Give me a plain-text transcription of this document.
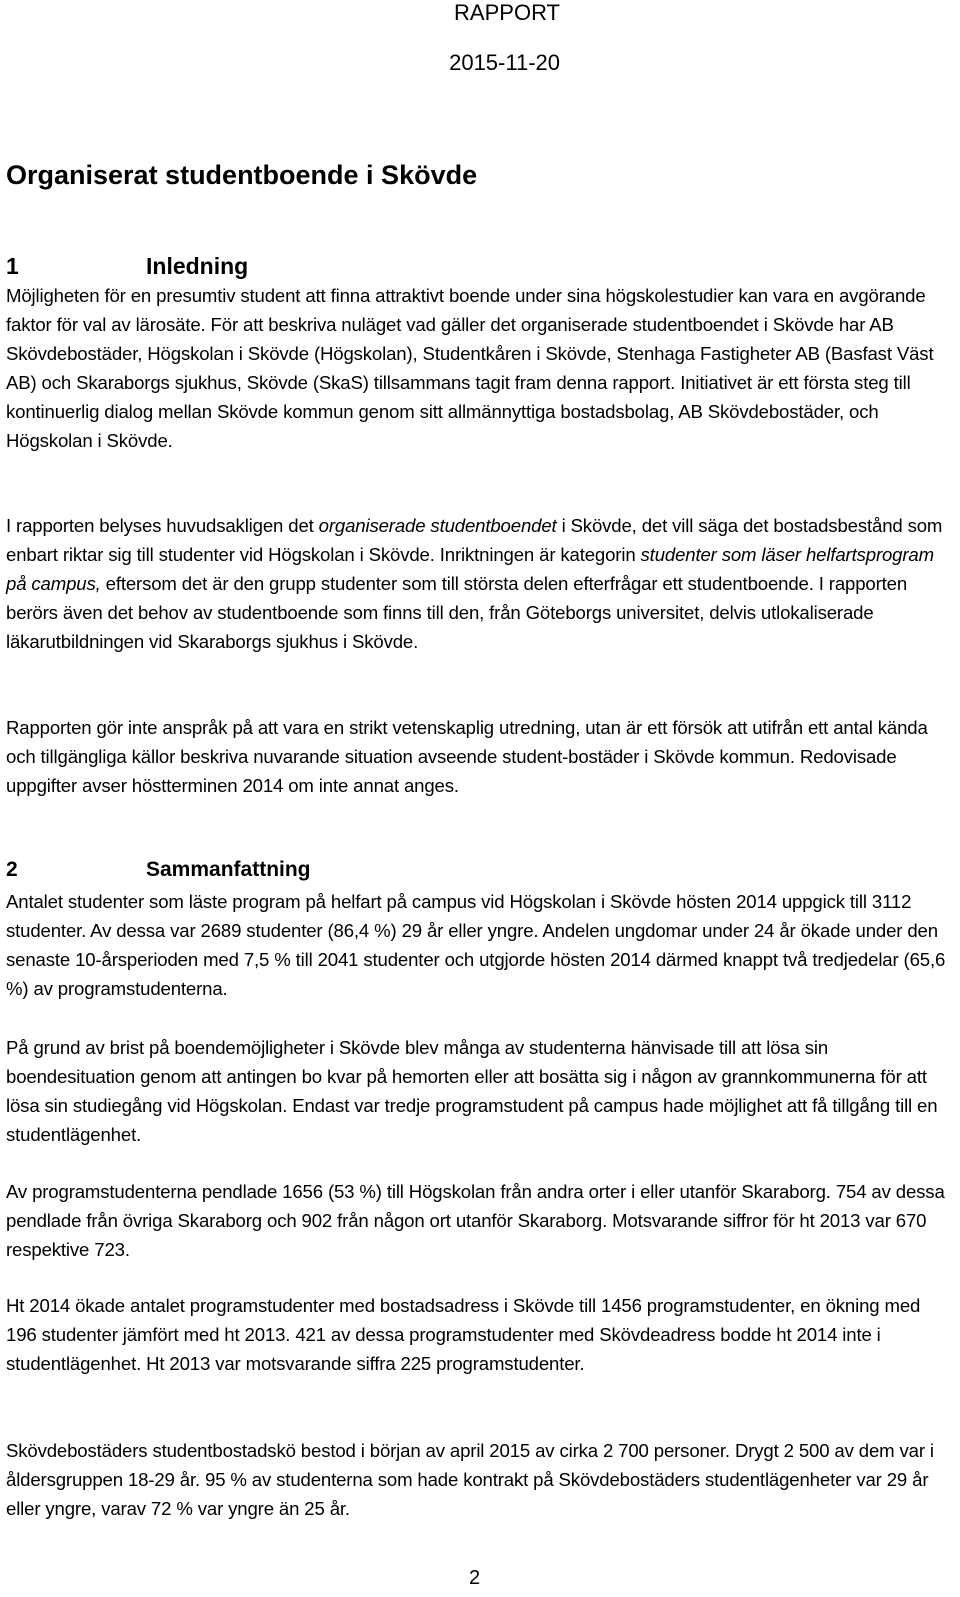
RAPPORT
2015-11-20
Organiserat studentboende i Skövde
1	Inledning

Möjligheten för en presumtiv student att finna attraktivt boende under sina högskolestudier kan vara en avgörande faktor för val av lärosäte. För att beskriva nuläget vad gäller det organiserade studentboendet i Skövde har AB Skövdebostäder, Högskolan i Skövde (Högskolan), Studentkåren i Skövde, Stenhaga Fastigheter AB (Basfast Väst AB) och Skaraborgs sjukhus, Skövde (SkaS) tillsammans tagit fram denna rapport. Initiativet är ett första steg till kontinuerlig dialog mellan Skövde kommun genom sitt allmännyttiga bostadsbolag, AB Skövdebostäder, och Högskolan i Skövde.

I rapporten belyses huvudsakligen det organiserade studentboendet i Skövde, det vill säga det bostadsbestånd som enbart riktar sig till studenter vid Högskolan i Skövde. Inriktningen är kategorin studenter som läser helfartsprogram på campus, eftersom det är den grupp studenter som till största delen efterfrågar ett studentboende. I rapporten berörs även det behov av studentboende som finns till den, från Göteborgs universitet, delvis utlokaliserade läkarutbildningen vid Skaraborgs sjukhus i Skövde.

Rapporten gör inte anspråk på att vara en strikt vetenskaplig utredning, utan är ett försök att utifrån ett antal kända och tillgängliga källor beskriva nuvarande situation avseende student-bostäder i Skövde kommun. Redovisade uppgifter avser höstterminen 2014 om inte annat anges.

2	Sammanfattning

Antalet studenter som läste program på helfart på campus vid Högskolan i Skövde hösten 2014 uppgick till 3112 studenter. Av dessa var 2689 studenter (86,4 %) 29 år eller yngre. Andelen ungdomar under 24 år ökade under den senaste 10-årsperioden med 7,5 % till 2041 studenter och utgjorde hösten 2014 därmed knappt två tredjedelar (65,6 %) av programstudenterna.

På grund av brist på boendemöjligheter i Skövde blev många av studenterna hänvisade till att lösa sin boendesituation genom att antingen bo kvar på hemorten eller att bosätta sig i någon av grannkommunerna för att lösa sin studiegång vid Högskolan. Endast var tredje programstudent på campus hade möjlighet att få tillgång till en studentlägenhet.

Av programstudenterna pendlade 1656 (53 %) till Högskolan från andra orter i eller utanför Skaraborg. 754 av dessa pendlade från övriga Skaraborg och 902 från någon ort utanför Skaraborg. Motsvarande siffror för ht 2013 var 670 respektive 723.

Ht 2014 ökade antalet programstudenter med bostadsadress i Skövde till 1456 programstudenter, en ökning med 196 studenter jämfört med ht 2013. 421 av dessa programstudenter med Skövdeadress bodde ht 2014 inte i studentlägenhet. Ht 2013 var motsvarande siffra 225 programstudenter.

Skövdebostäders studentbostadskö bestod i början av april 2015 av cirka 2 700 personer. Drygt 2 500 av dem var i åldersgruppen 18-29 år. 95 % av studenterna som hade kontrakt på Skövdebostäders studentlägenheter var 29 år eller yngre, varav 72 % var yngre än 25 år.

2
